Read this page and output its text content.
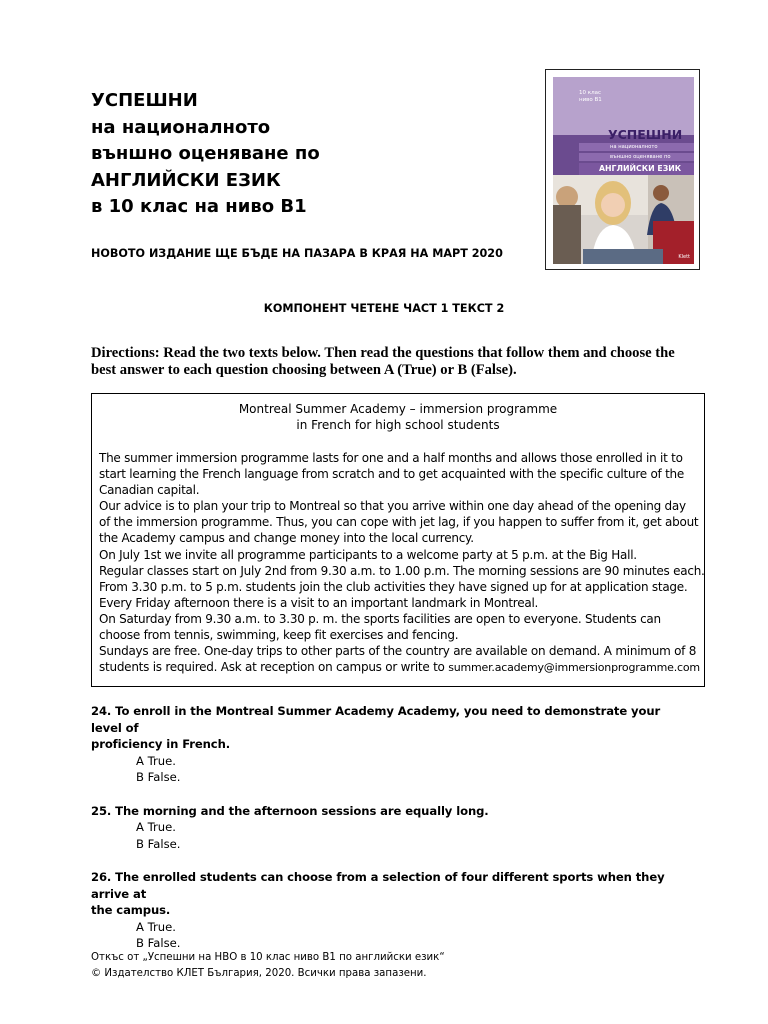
УСПЕШНИ
на националното
външно оценяване по
АНГЛИЙСКИ ЕЗИК
в 10 клас на ниво В1
10 клас
ниво В1
УСПЕШНИ
на националното
външно оценяване по
АНГЛИЙСКИ ЕЗИК
Klett
НОВОТО ИЗДАНИЕ ЩЕ БЪДЕ НА ПАЗАРА В КРАЯ НА МАРТ 2020
КОМПОНЕНТ ЧЕТЕНЕ ЧАСТ 1 ТЕКСТ 2
Directions: Read the two texts below. Then read the questions that follow them and choose the best answer to each question choosing between A (True) or B (False).
Montreal Summer Academy – immersion programme
in French for high school students
The summer immersion programme lasts for one and a half months and allows those enrolled in it to
start learning the French language from scratch and to get acquainted with the specific culture of the
Canadian capital.
Our advice is to plan your trip to Montreal so that you arrive within one day ahead of the opening day
of the immersion programme. Thus, you can cope with jet lag, if you happen to suffer from it, get about
the Academy campus and change money into the local currency.
On July 1st we invite all programme participants to a welcome party at 5 p.m. at the Big Hall.
Regular classes start on July 2nd from 9.30 a.m. to 1.00 p.m. The morning sessions are 90 minutes each.
From 3.30 p.m. to 5 p.m. students join the club activities they have signed up for at application stage.
Every Friday afternoon there is a visit to an important landmark in Montreal.
On Saturday from 9.30 a.m. to 3.30 p. m. the sports facilities are open to everyone. Students can
choose from tennis, swimming, keep fit exercises and fencing.
Sundays are free. One-day trips to other parts of the country are available on demand. A minimum of 8
students is required. Ask at reception on campus or write to summer.academy@immersionprogramme.com
24. To enroll in the Montreal Summer Academy Academy, you need to demonstrate your level of
proficiency in French.
A True.
B False.
25. The morning and the afternoon sessions are equally long.
A True.
B False.
26. The enrolled students can choose from a selection of four different sports when they arrive at
the campus.
A True.
B False.
Откъс от „Успешни на НВО в 10 клас ниво В1 по английски език“
© Издателство КЛЕТ България, 2020. Всички права запазени.
